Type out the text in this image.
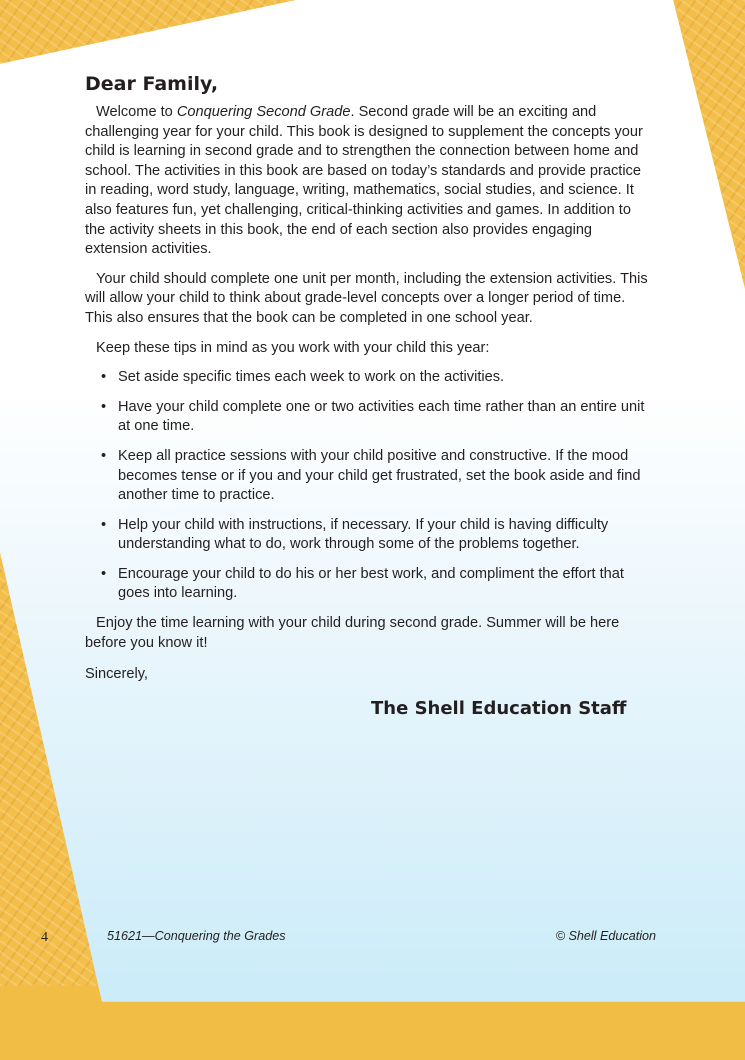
Dear Family,

Welcome to Conquering Second Grade. Second grade will be an exciting and challenging year for your child. This book is designed to supplement the concepts your child is learning in second grade and to strengthen the connection between home and school. The activities in this book are based on today’s standards and provide practice in reading, word study, language, writing, mathematics, social studies, and science. It also features fun, yet challenging, critical-thinking activities and games. In addition to the activity sheets in this book, the end of each section also provides engaging extension activities.

Your child should complete one unit per month, including the extension activities. This will allow your child to think about grade-level concepts over a longer period of time. This also ensures that the book can be completed in one school year.

Keep these tips in mind as you work with your child this year:

• Set aside specific times each week to work on the activities.
• Have your child complete one or two activities each time rather than an entire unit at one time.
• Keep all practice sessions with your child positive and constructive. If the mood becomes tense or if you and your child get frustrated, set the book aside and find another time to practice.
• Help your child with instructions, if necessary. If your child is having difficulty understanding what to do, work through some of the problems together.
• Encourage your child to do his or her best work, and compliment the effort that goes into learning.

Enjoy the time learning with your child during second grade. Summer will be here before you know it!

Sincerely,
The Shell Education Staff
4	51621—Conquering the Grades	© Shell Education
